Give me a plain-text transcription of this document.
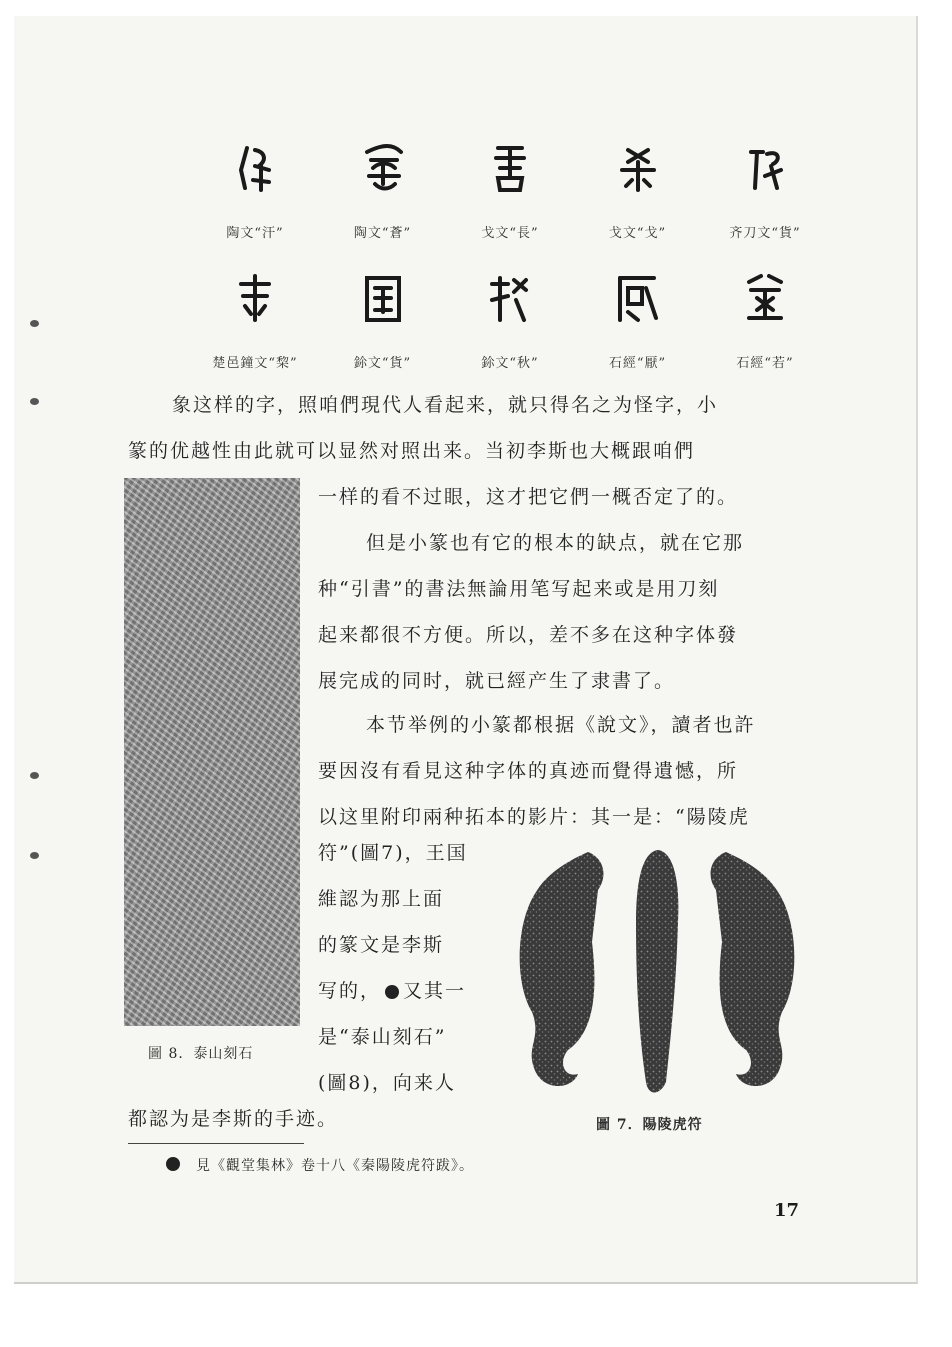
陶文“汗”	陶文“蒼”	戈文“長”	戈文“戈”	齐刀文“貨”
楚邑鐘文“棃”	鉩文“貨”	鉩文“秋”	石經“厭”	石經“若”
象这样的字，照咱們現代人看起来，就只得名之为怪字，小
篆的优越性由此就可以显然对照出来。当初李斯也大概跟咱們
一样的看不过眼，这才把它們一概否定了的。
圖 8．泰山刻石
但是小篆也有它的根本的缺点，就在它那
种“引書”的書法無論用笔写起来或是用刀刻
起来都很不方便。所以，差不多在这种字体發
展完成的同时，就已經产生了隶書了。
本节举例的小篆都根据《說文》，讀者也許
要因沒有看見这种字体的真迹而覺得遺憾，所
以这里附印兩种拓本的影片：其一是：“陽陵虎
符”(圖7)，王国
維認为那上面
的篆文是李斯
写的， 又其一
是“泰山刻石”
(圖8)，向来人
圖 7．陽陵虎符
都認为是李斯的手迹。
見《觀堂集林》卷十八《秦陽陵虎符跋》。
17
